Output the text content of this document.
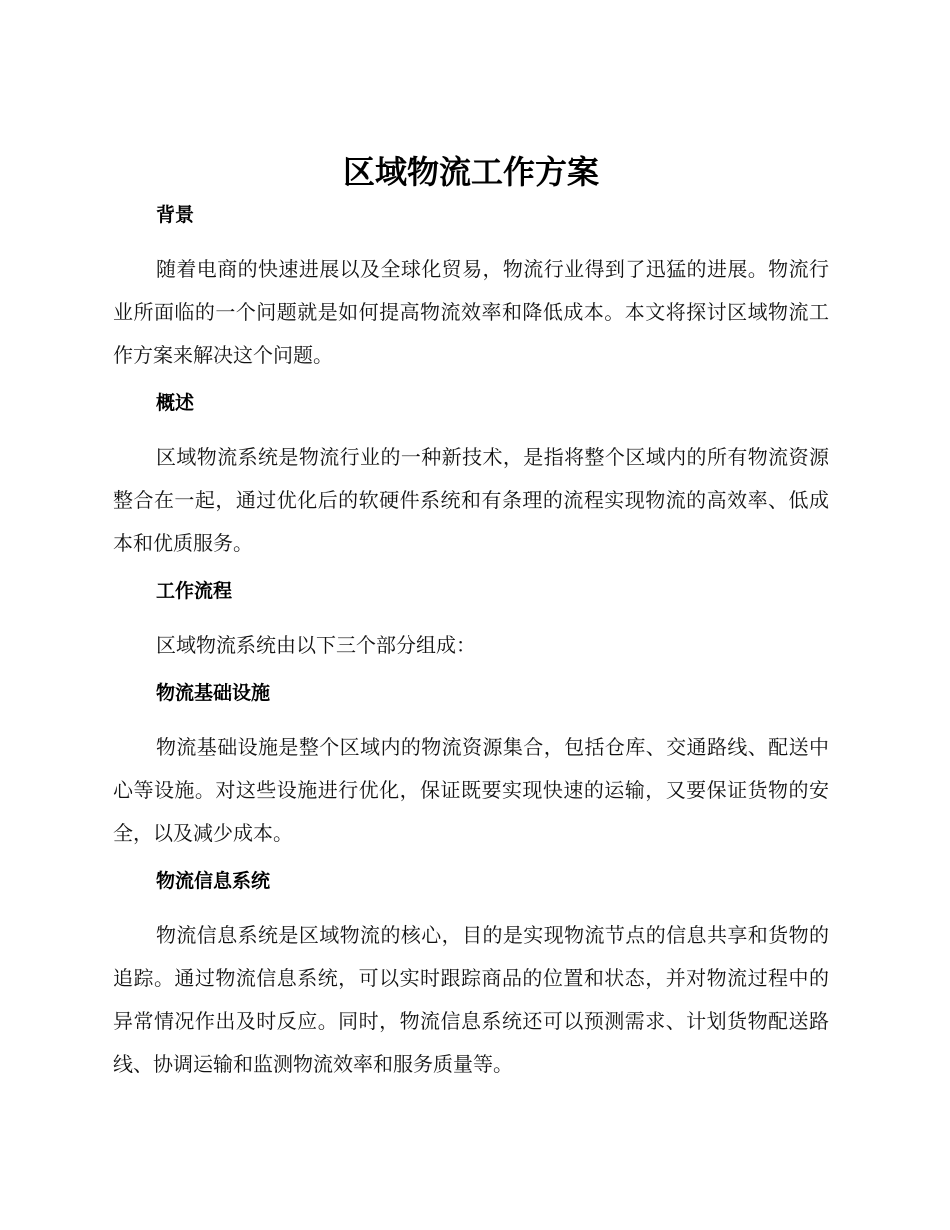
区域物流工作方案
背景

随着电商的快速进展以及全球化贸易，物流行业得到了迅猛的进展。物流行业所面临的一个问题就是如何提高物流效率和降低成本。本文将探讨区域物流工作方案来解决这个问题。

概述

区域物流系统是物流行业的一种新技术，是指将整个区域内的所有物流资源整合在一起，通过优化后的软硬件系统和有条理的流程实现物流的高效率、低成本和优质服务。

工作流程

区域物流系统由以下三个部分组成：

物流基础设施

物流基础设施是整个区域内的物流资源集合，包括仓库、交通路线、配送中心等设施。对这些设施进行优化，保证既要实现快速的运输，又要保证货物的安全，以及减少成本。

物流信息系统

物流信息系统是区域物流的核心，目的是实现物流节点的信息共享和货物的追踪。通过物流信息系统，可以实时跟踪商品的位置和状态，并对物流过程中的异常情况作出及时反应。同时，物流信息系统还可以预测需求、计划货物配送路线、协调运输和监测物流效率和服务质量等。
